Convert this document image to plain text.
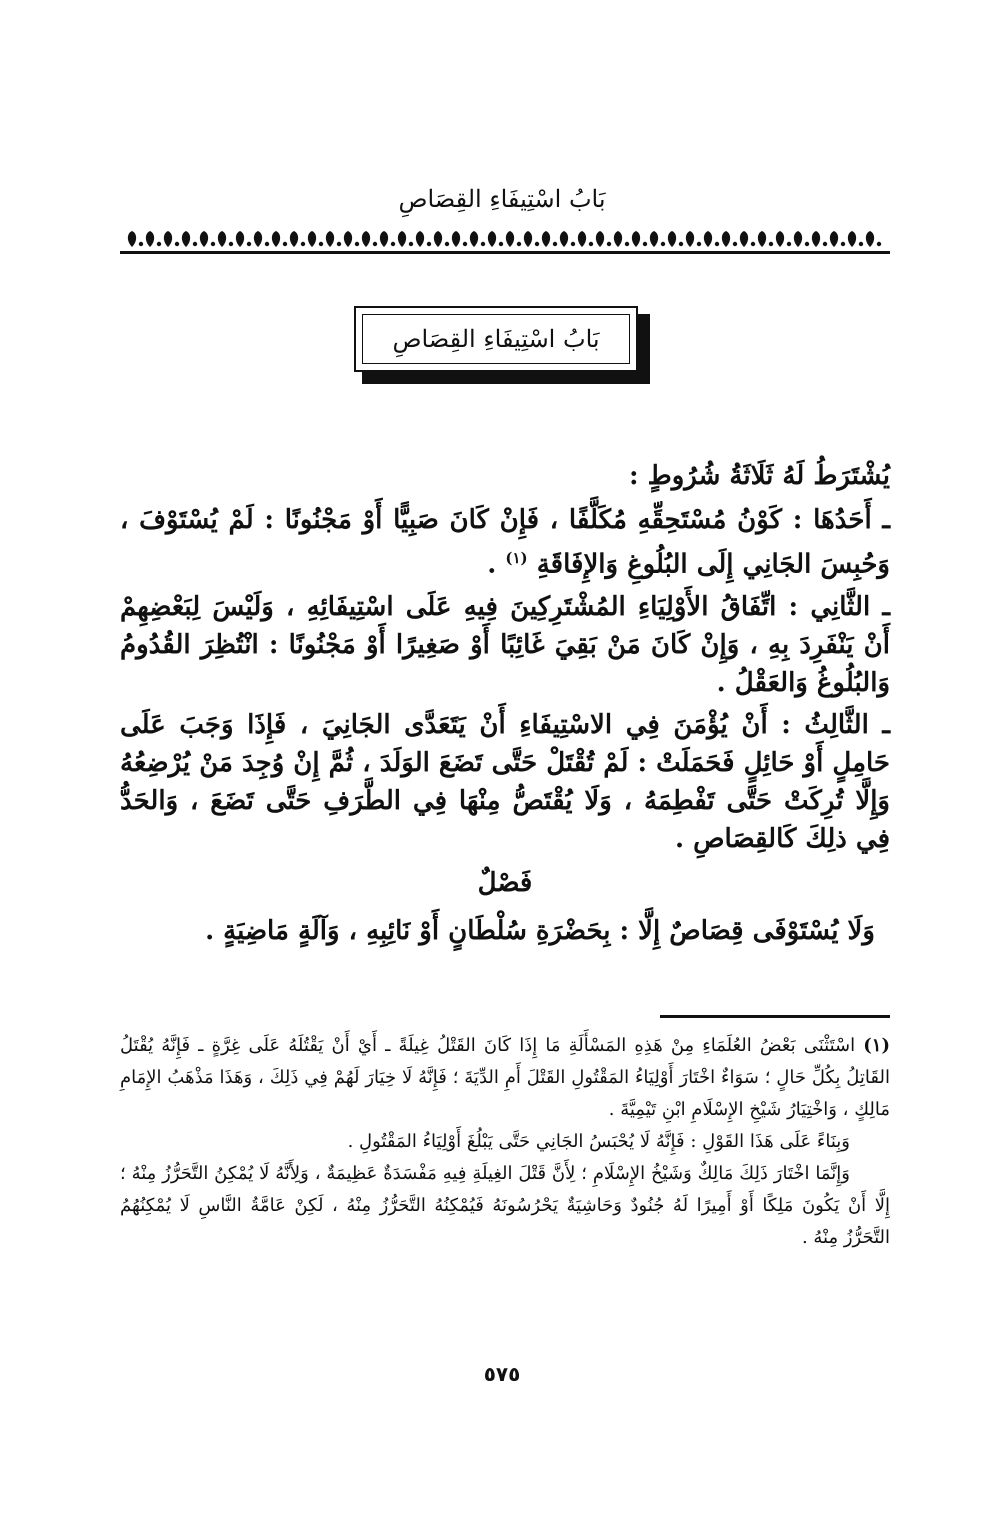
بَابُ اسْتِيفَاءِ القِصَاصِ
بَابُ اسْتِيفَاءِ القِصَاصِ

يُشْتَرَطُ لَهُ ثَلَاثَةُ شُرُوطٍ :

ـ أَحَدُهَا : كَوْنُ مُسْتَحِقِّهِ مُكَلَّفًا ، فَإِنْ كَانَ صَبِيًّا أَوْ مَجْنُونًا : لَمْ يُسْتَوْفَ ، وَحُبِسَ الجَانِي إِلَى البُلُوغِ وَالإِفَاقَةِ $^{(١)}$ .

ـ الثَّانِي : اتِّفَاقُ الأَوْلِيَاءِ المُشْتَرِكِينَ فِيهِ عَلَى اسْتِيفَائِهِ ، وَلَيْسَ لِبَعْضِهِمْ أَنْ يَنْفَرِدَ بِهِ ، وَإِنْ كَانَ مَنْ بَقِيَ غَائِبًا أَوْ صَغِيرًا أَوْ مَجْنُونًا : انْتُظِرَ القُدُومُ وَالبُلُوغُ وَالعَقْلُ .

ـ الثَّالِثُ : أَنْ يُؤْمَنَ فِي الاسْتِيفَاءِ أَنْ يَتَعَدَّى الجَانِيَ ، فَإِذَا وَجَبَ عَلَى حَامِلٍ أَوْ حَائِلٍ فَحَمَلَتْ : لَمْ تُقْتَلْ حَتَّى تَضَعَ الوَلَدَ ، ثُمَّ إِنْ وُجِدَ مَنْ يُرْضِعُهُ وَإِلَّا تُرِكَتْ حَتَّى تَفْطِمَهُ ، وَلَا يُقْتَصُّ مِنْهَا فِي الطَّرَفِ حَتَّى تَضَعَ ، وَالحَدُّ فِي ذلِكَ كَالقِصَاصِ .

فَصْلٌ

وَلَا يُسْتَوْفَى قِصَاصٌ إِلَّا : بِحَضْرَةِ سُلْطَانٍ أَوْ نَائِبِهِ ، وَآلَةٍ مَاضِيَةٍ .

(١) اسْتَثْنَى بَعْضُ العُلَمَاءِ مِنْ هَذِهِ المَسْأَلَةِ مَا إِذَا كَانَ القَتْلُ غِيلَةً ـ أَيْ أَنْ يَقْتُلَهُ عَلَى غِرَّةٍ ـ فَإِنَّهُ يُقْتَلُ القَاتِلُ بِكُلِّ حَالٍ ؛ سَوَاءٌ اخْتَارَ أَوْلِيَاءُ المَقْتُولِ القَتْلَ أَمِ الدِّيَةَ ؛ فَإِنَّهُ لَا خِيَارَ لَهُمْ فِي ذَلِكَ ، وَهَذَا مَذْهَبُ الإِمَامِ مَالِكٍ ، وَاخْتِيَارُ شَيْخِ الإِسْلَامِ ابْنِ تَيْمِيَّةَ .

وَبِنَاءً عَلَى هَذَا القَوْلِ : فَإِنَّهُ لَا يُحْبَسُ الجَانِي حَتَّى يَبْلُغَ أَوْلِيَاءُ المَقْتُولِ .

وَإِنَّمَا اخْتَارَ ذَلِكَ مَالِكٌ وَشَيْخُ الإِسْلَامِ ؛ لِأَنَّ قَتْلَ الغِيلَةِ فِيهِ مَفْسَدَةٌ عَظِيمَةٌ ، وَلِأَنَّهُ لَا يُمْكِنُ التَّحَرُّزُ مِنْهُ ؛ إِلَّا أَنْ يَكُونَ مَلِكًا أَوْ أَمِيرًا لَهُ جُنُودٌ وَحَاشِيَةٌ يَحْرُسُونَهُ فَيُمْكِنُهُ التَّحَرُّزُ مِنْهُ ، لَكِنْ عَامَّةُ النَّاسِ لَا يُمْكِنُهُمُ التَّحَرُّزُ مِنْهُ .

٥٧٥
